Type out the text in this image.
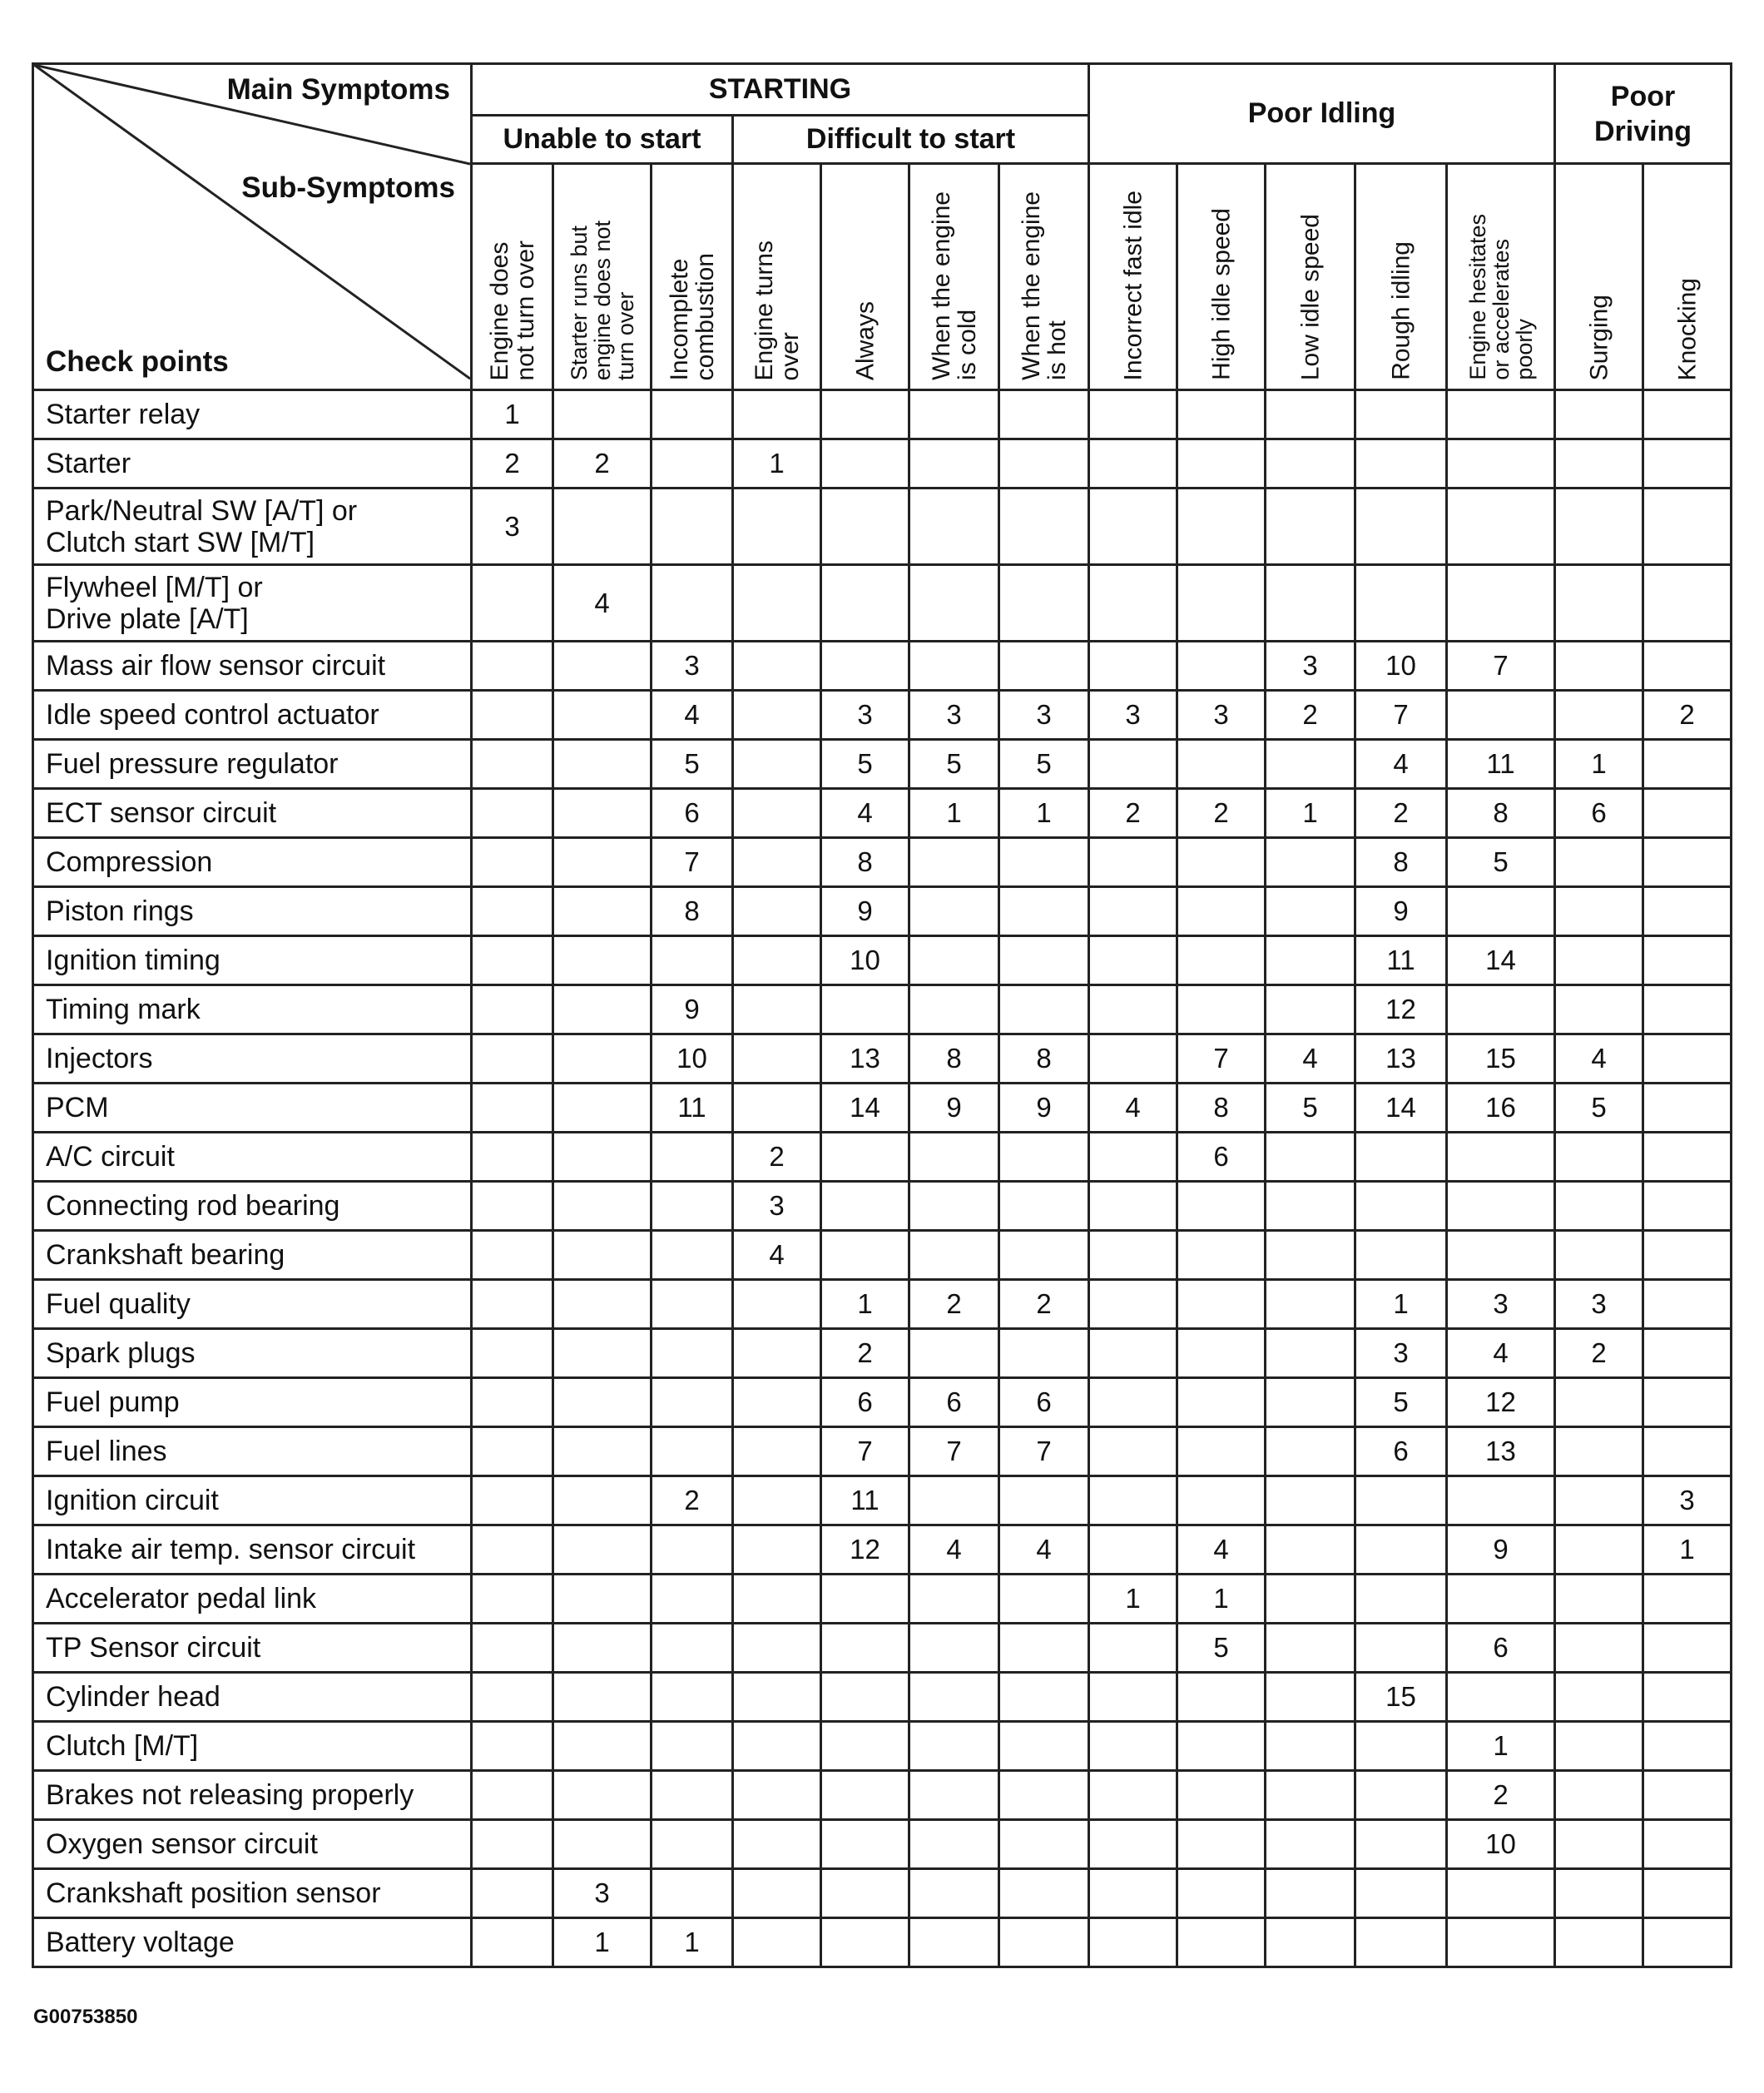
Main Symptoms
Sub-Symptoms
Check points	STARTING							Poor Idling					Poor
Driving	
	Unable to start			Difficult to start										

	Engine does
not turn over	Starter runs but
engine does not
turn over	Incomplete
combustion	Engine turns
over	Always	When the engine
is cold	When the engine
is hot	Incorrect fast idle	High idle speed	Low idle speed	Rough idling	Engine hesitates
or accelerates
poorly	Surging	Knocking

Starter relay	1													
Starter	2	2		1										
Park/Neutral SW [A/T] or
Clutch start SW [M/T]	3													
Flywheel [M/T] or
Drive plate [A/T]		4												
Mass air flow sensor circuit			3							3	10	7		
Idle speed control actuator			4		3	3	3	3	3	2	7			2
Fuel pressure regulator			5		5	5	5				4	11	1	
ECT sensor circuit			6		4	1	1	2	2	1	2	8	6	
Compression			7		8						8	5		
Piston rings			8		9						9			
Ignition timing					10						11	14		
Timing mark			9								12			
Injectors			10		13	8	8		7	4	13	15	4	
PCM			11		14	9	9	4	8	5	14	16	5	
A/C circuit				2					6					
Connecting rod bearing				3										
Crankshaft bearing				4										
Fuel quality					1	2	2				1	3	3	
Spark plugs					2						3	4	2	
Fuel pump					6	6	6				5	12		
Fuel lines					7	7	7				6	13		
Ignition circuit			2		11									3
Intake air temp. sensor circuit					12	4	4		4			9		1
Accelerator pedal link								1	1					
TP Sensor circuit									5			6		
Cylinder head											15			
Clutch [M/T]												1		
Brakes not releasing properly												2		
Oxygen sensor circuit												10		
Crankshaft position sensor		3												
Battery voltage		1	1											
G00753850
